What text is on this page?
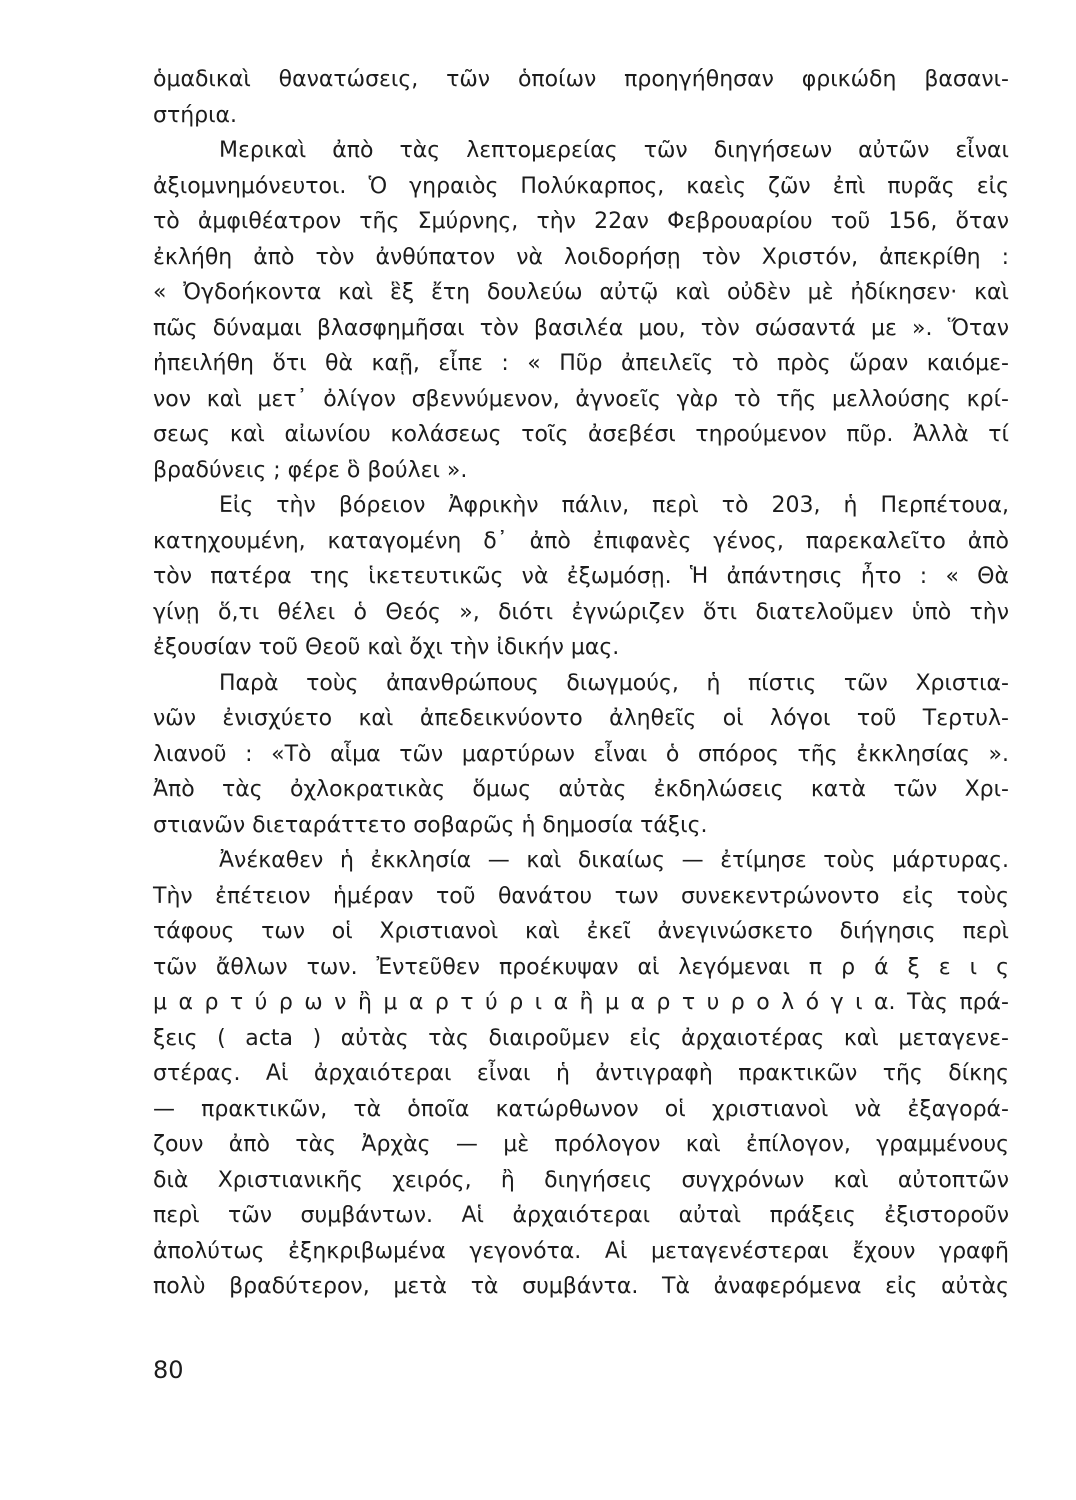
ὁμαδικαὶ θανατώσεις, τῶν ὁποίων προηγήθησαν φρικώδη βασανι-
στήρια.
Μερικαὶ ἀπὸ τὰς λεπτομερείας τῶν διηγήσεων αὐτῶν εἶναι
ἀξιομνημόνευτοι. Ὁ γηραιὸς Πολύκαρπος, καεὶς ζῶν ἐπὶ πυρᾶς εἰς
τὸ ἀμφιθέατρον τῆς Σμύρνης, τὴν 22αν Φεβρουαρίου τοῦ 156, ὅταν
ἐκλήθη ἀπὸ τὸν ἀνθύπατον νὰ λοιδορήσῃ τὸν Χριστόν, ἀπεκρίθη :
« Ὀγδοήκοντα καὶ ἓξ ἔτη δουλεύω αὐτῷ καὶ οὐδὲν μὲ ἠδίκησεν· καὶ
πῶς δύναμαι βλασφημῆσαι τὸν βασιλέα μου, τὸν σώσαντά με ». Ὅταν
ἠπειλήθη ὅτι θὰ καῇ, εἶπε : « Πῦρ ἀπειλεῖς τὸ πρὸς ὥραν καιόμε-
νον καὶ μετ᾽ ὀλίγον σβεννύμενον, ἀγνοεῖς γὰρ τὸ τῆς μελλούσης κρί-
σεως καὶ αἰωνίου κολάσεως τοῖς ἀσεβέσι τηρούμενον πῦρ. Ἀλλὰ τί
βραδύνεις ; φέρε ὃ βούλει ».
Εἰς τὴν βόρειον Ἀφρικὴν πάλιν, περὶ τὸ 203, ἡ Περπέτουα,
κατηχουμένη, καταγομένη δ᾽ ἀπὸ ἐπιφανὲς γένος, παρεκαλεῖτο ἀπὸ
τὸν πατέρα της ἱκετευτικῶς νὰ ἐξωμόσῃ. Ἡ ἀπάντησις ἦτο : « Θὰ
γίνῃ ὅ,τι θέλει ὁ Θεός », διότι ἐγνώριζεν ὅτι διατελοῦμεν ὑπὸ τὴν
ἐξουσίαν τοῦ Θεοῦ καὶ ὄχι τὴν ἰδικήν μας.
Παρὰ τοὺς ἀπανθρώπους διωγμούς, ἡ πίστις τῶν Χριστια-
νῶν ἐνισχύετο καὶ ἀπεδεικνύοντο ἀληθεῖς οἱ λόγοι τοῦ Τερτυλ-
λιανοῦ : «Τὸ αἷμα τῶν μαρτύρων εἶναι ὁ σπόρος τῆς ἐκκλησίας ».
Ἀπὸ τὰς ὀχλοκρατικὰς ὅμως αὐτὰς ἐκδηλώσεις κατὰ τῶν Χρι-
στιανῶν διεταράττετο σοβαρῶς ἡ δημοσία τάξις.
Ἀνέκαθεν ἡ ἐκκλησία — καὶ δικαίως — ἐτίμησε τοὺς μάρτυρας.
Τὴν ἐπέτειον ἡμέραν τοῦ θανάτου των συνεκεντρώνοντο εἰς τοὺς
τάφους των οἱ Χριστιανοὶ καὶ ἐκεῖ ἀνεγινώσκετο διήγησις περὶ
τῶν ἄθλων των. Ἐντεῦθεν προέκυψαν αἱ λεγόμεναι π ρ ά ξ ε ι ς
μ α ρ τ ύ ρ ω ν ἢ μ α ρ τ ύ ρ ι α ἢ μ α ρ τ υ ρ ο λ ό γ ι α. Τὰς πρά-
ξεις ( acta ) αὐτὰς τὰς διαιροῦμεν εἰς ἀρχαιοτέρας καὶ μεταγενε-
στέρας. Αἱ ἀρχαιότεραι εἶναι ἡ ἀντιγραφὴ πρακτικῶν τῆς δίκης
— πρακτικῶν, τὰ ὁποῖα κατώρθωνον οἱ χριστιανοὶ νὰ ἐξαγορά-
ζουν ἀπὸ τὰς Ἀρχὰς — μὲ πρόλογον καὶ ἐπίλογον, γραμμένους
διὰ Χριστιανικῆς χειρός, ἢ διηγήσεις συγχρόνων καὶ αὐτοπτῶν
περὶ τῶν συμβάντων. Αἱ ἀρχαιότεραι αὐταὶ πράξεις ἐξιστοροῦν
ἀπολύτως ἐξηκριβωμένα γεγονότα. Αἱ μεταγενέστεραι ἔχουν γραφῆ
πολὺ βραδύτερον, μετὰ τὰ συμβάντα. Τὰ ἀναφερόμενα εἰς αὐτὰς
80
